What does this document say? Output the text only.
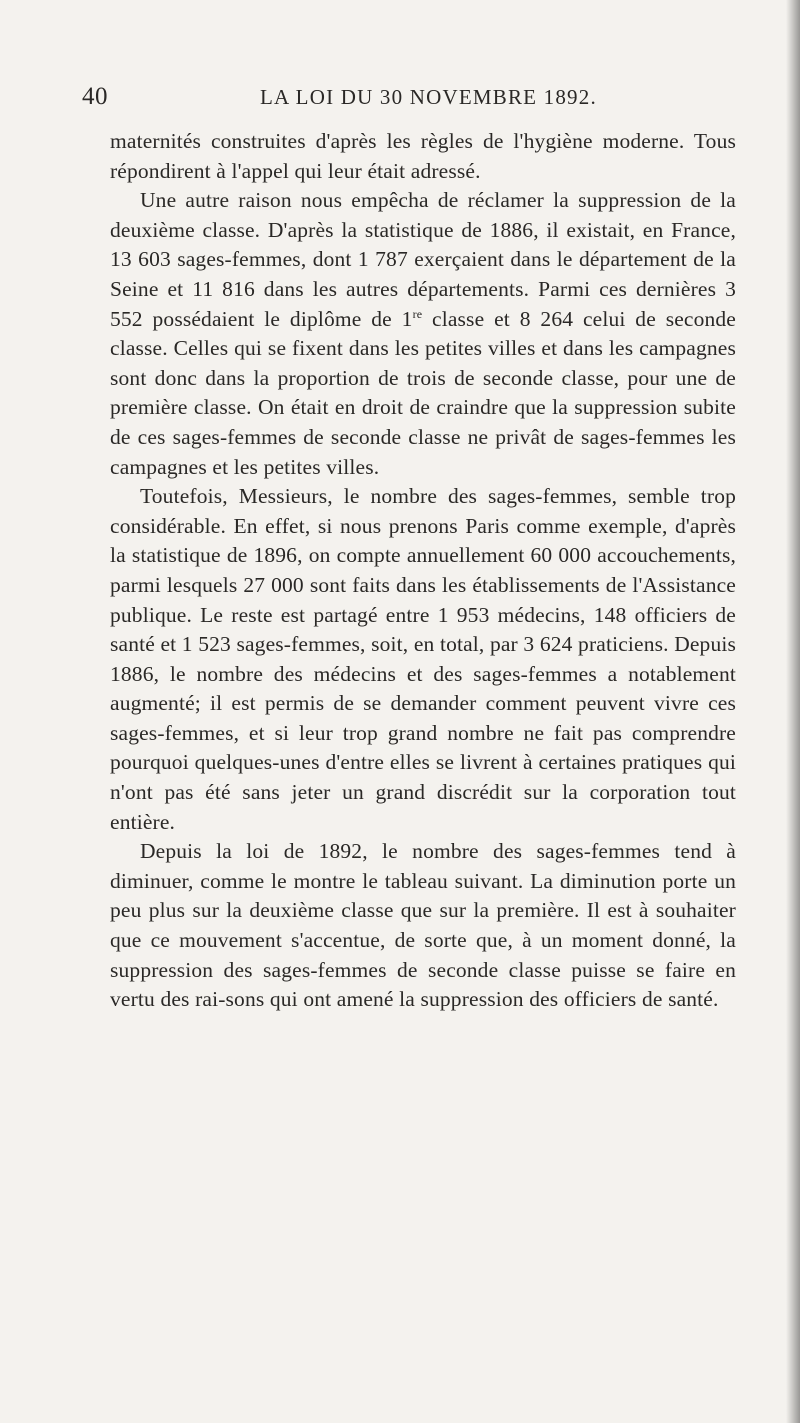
40	LA LOI DU 30 NOVEMBRE 1892.

maternités construites d'après les règles de l'hygiène moderne. Tous répondirent à l'appel qui leur était adressé.

Une autre raison nous empêcha de réclamer la suppression de la deuxième classe. D'après la statistique de 1886, il existait, en France, 13 603 sages-femmes, dont 1 787 exerçaient dans le département de la Seine et 11 816 dans les autres départements. Parmi ces dernières 3 552 possédaient le diplôme de 1re classe et 8 264 celui de seconde classe. Celles qui se fixent dans les petites villes et dans les campagnes sont donc dans la proportion de trois de seconde classe, pour une de première classe. On était en droit de craindre que la suppression subite de ces sages-femmes de seconde classe ne privât de sages-femmes les campagnes et les petites villes.

Toutefois, Messieurs, le nombre des sages-femmes, semble trop considérable. En effet, si nous prenons Paris comme exemple, d'après la statistique de 1896, on compte annuellement 60 000 accouchements, parmi lesquels 27 000 sont faits dans les établissements de l'Assistance publique. Le reste est partagé entre 1 953 médecins, 148 officiers de santé et 1 523 sages-femmes, soit, en total, par 3 624 praticiens. Depuis 1886, le nombre des médecins et des sages-femmes a notablement augmenté; il est permis de se demander comment peuvent vivre ces sages-femmes, et si leur trop grand nombre ne fait pas comprendre pourquoi quelques-unes d'entre elles se livrent à certaines pratiques qui n'ont pas été sans jeter un grand discrédit sur la corporation tout entière.

Depuis la loi de 1892, le nombre des sages-femmes tend à diminuer, comme le montre le tableau suivant. La diminution porte un peu plus sur la deuxième classe que sur la première. Il est à souhaiter que ce mouvement s'accentue, de sorte que, à un moment donné, la suppression des sages-femmes de seconde classe puisse se faire en vertu des rai-sons qui ont amené la suppression des officiers de santé.
